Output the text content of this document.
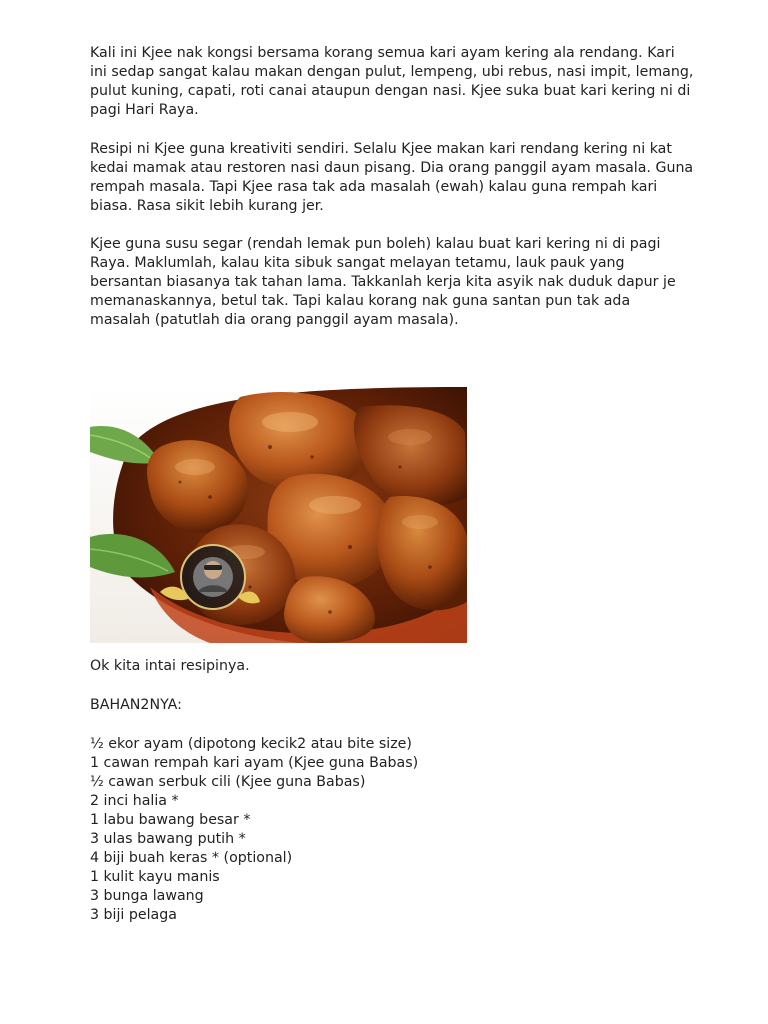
Kali ini Kjee nak kongsi bersama korang semua kari ayam kering ala rendang. Kari
ini sedap sangat kalau makan dengan pulut, lempeng, ubi rebus, nasi impit, lemang,
pulut kuning, capati, roti canai ataupun dengan nasi. Kjee suka buat kari kering ni di
pagi Hari Raya.

Resipi ni Kjee guna kreativiti sendiri. Selalu Kjee makan kari rendang kering ni kat
kedai mamak atau restoren nasi daun pisang. Dia orang panggil ayam masala. Guna
rempah masala. Tapi Kjee rasa tak ada masalah (ewah) kalau guna rempah kari
biasa. Rasa sikit lebih kurang jer.

Kjee guna susu segar (rendah lemak pun boleh) kalau buat kari kering ni di pagi
Raya. Maklumlah, kalau kita sibuk sangat melayan tetamu, lauk pauk yang
bersantan biasanya tak tahan lama. Takkanlah kerja kita asyik nak duduk dapur je
memanaskannya, betul tak. Tapi kalau korang nak guna santan pun tak ada
masalah (patutlah dia orang panggil ayam masala).

Ok kita intai resipinya.

BAHAN2NYA:

½ ekor ayam (dipotong kecik2 atau bite size)
1 cawan rempah kari ayam (Kjee guna Babas)
½ cawan serbuk cili (Kjee guna Babas)
2 inci halia *
1 labu bawang besar *
3 ulas bawang putih *
4 biji buah keras * (optional)
1 kulit kayu manis
3 bunga lawang
3 biji pelaga
